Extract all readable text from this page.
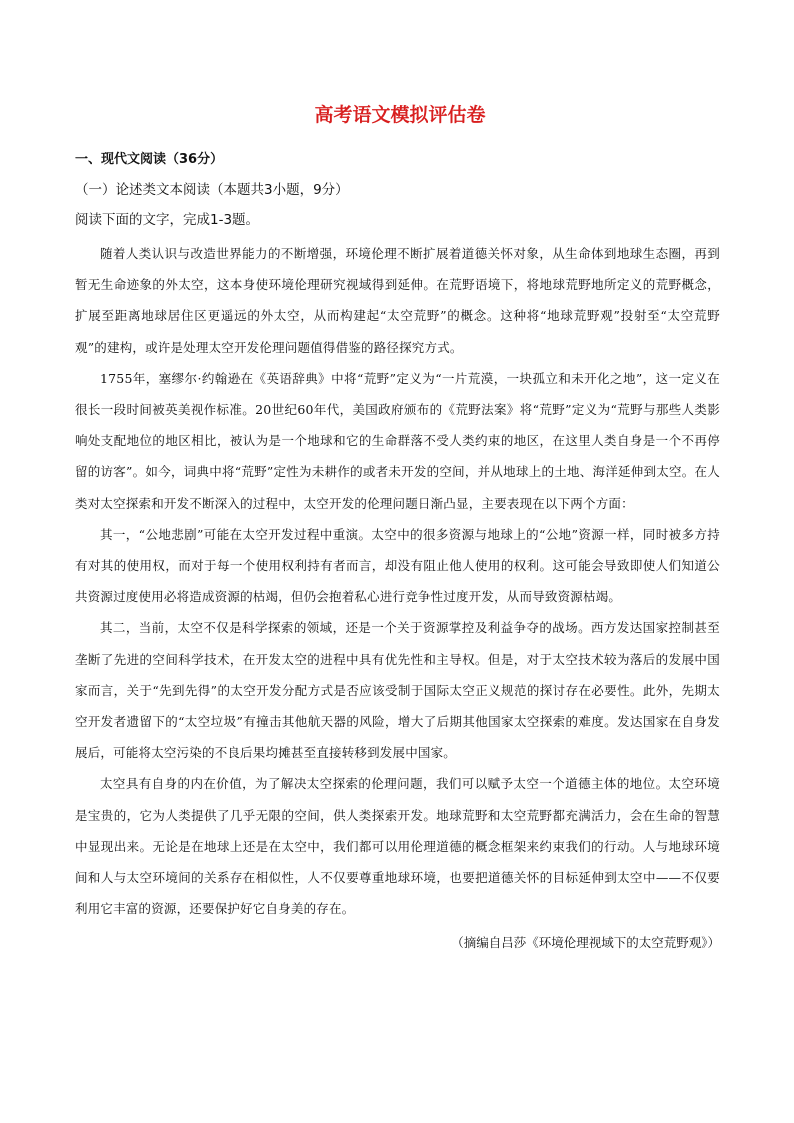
高考语文模拟评估卷
一、现代文阅读（36分）
（一）论述类文本阅读（本题共3小题，9分）
阅读下面的文字，完成1-3题。

随着人类认识与改造世界能力的不断增强，环境伦理不断扩展着道德关怀对象，从生命体到地球生态圈，再到暂无生命迹象的外太空，这本身使环境伦理研究视域得到延伸。在荒野语境下，将地球荒野地所定义的荒野概念，扩展至距离地球居住区更遥远的外太空，从而构建起“太空荒野”的概念。这种将“地球荒野观”投射至“太空荒野观”的建构，或许是处理太空开发伦理问题值得借鉴的路径探究方式。

1755年，塞缪尔·约翰逊在《英语辞典》中将“荒野”定义为“一片荒漠，一块孤立和未开化之地”，这一定义在很长一段时间被英美视作标准。20世纪60年代，美国政府颁布的《荒野法案》将“荒野”定义为“荒野与那些人类影响处支配地位的地区相比，被认为是一个地球和它的生命群落不受人类约束的地区，在这里人类自身是一个不再停留的访客”。如今，词典中将“荒野”定性为未耕作的或者未开发的空间，并从地球上的土地、海洋延伸到太空。在人类对太空探索和开发不断深入的过程中，太空开发的伦理问题日渐凸显，主要表现在以下两个方面：

其一，“公地悲剧”可能在太空开发过程中重演。太空中的很多资源与地球上的“公地”资源一样，同时被多方持有对其的使用权，而对于每一个使用权利持有者而言，却没有阻止他人使用的权利。这可能会导致即使人们知道公共资源过度使用必将造成资源的枯竭，但仍会抱着私心进行竞争性过度开发，从而导致资源枯竭。

其二，当前，太空不仅是科学探索的领域，还是一个关于资源掌控及利益争夺的战场。西方发达国家控制甚至垄断了先进的空间科学技术，在开发太空的进程中具有优先性和主导权。但是，对于太空技术较为落后的发展中国家而言，关于“先到先得”的太空开发分配方式是否应该受制于国际太空正义规范的探讨存在必要性。此外，先期太空开发者遗留下的“太空垃圾”有撞击其他航天器的风险，增大了后期其他国家太空探索的难度。发达国家在自身发展后，可能将太空污染的不良后果均摊甚至直接转移到发展中国家。

太空具有自身的内在价值，为了解决太空探索的伦理问题，我们可以赋予太空一个道德主体的地位。太空环境是宝贵的，它为人类提供了几乎无限的空间，供人类探索开发。地球荒野和太空荒野都充满活力，会在生命的智慧中显现出来。无论是在地球上还是在太空中，我们都可以用伦理道德的概念框架来约束我们的行动。人与地球环境间和人与太空环境间的关系存在相似性，人不仅要尊重地球环境，也要把道德关怀的目标延伸到太空中——不仅要利用它丰富的资源，还要保护好它自身美的存在。

（摘编自吕莎《环境伦理视域下的太空荒野观》）
